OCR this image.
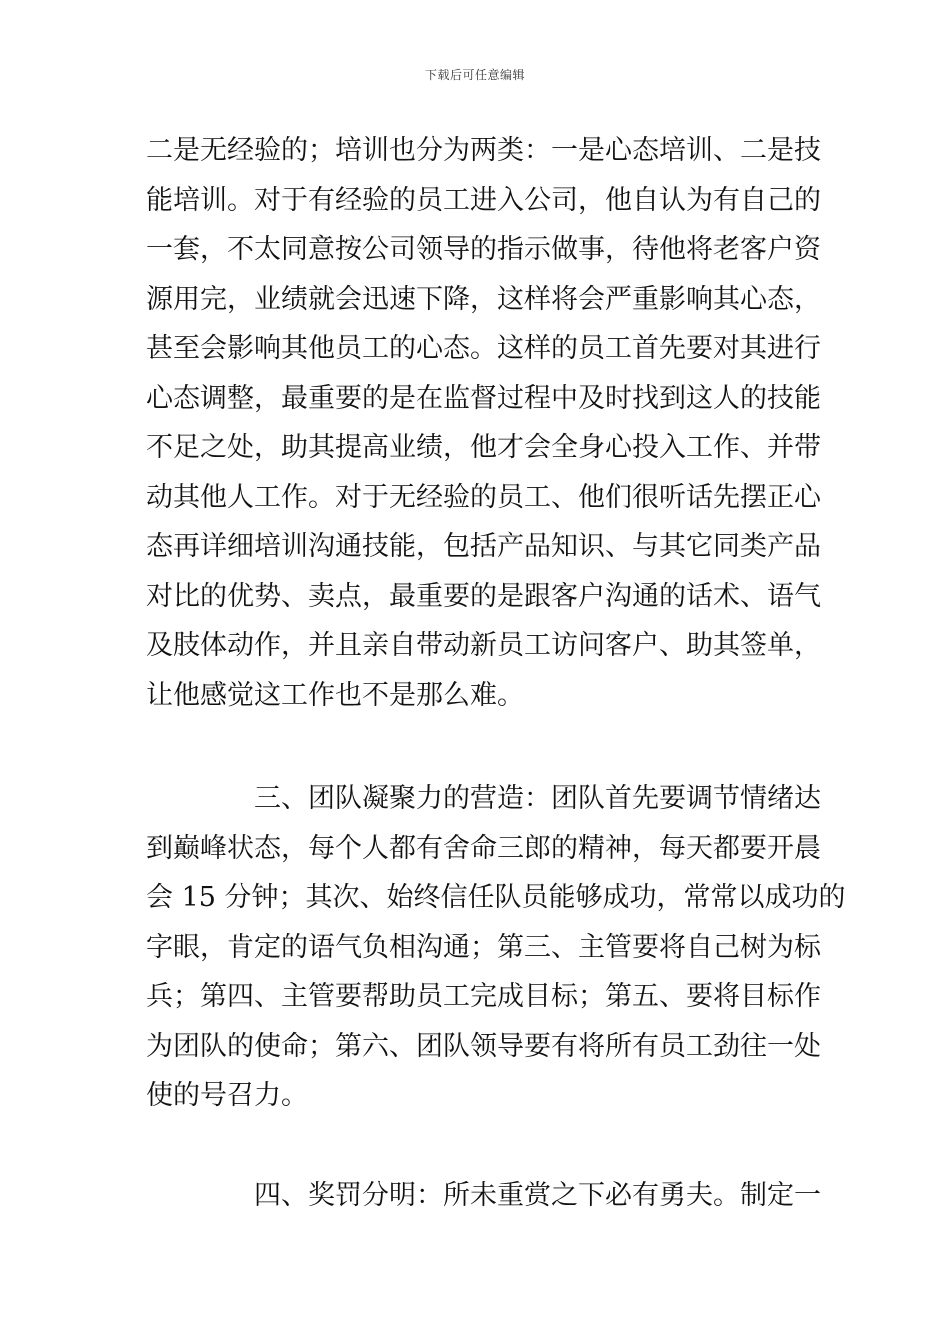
下载后可任意编辑
二是无经验的；培训也分为两类：一是心态培训、二是技
能培训。对于有经验的员工进入公司，他自认为有自己的
一套，不太同意按公司领导的指示做事，待他将老客户资
源用完，业绩就会迅速下降，这样将会严重影响其心态，
甚至会影响其他员工的心态。这样的员工首先要对其进行
心态调整，最重要的是在监督过程中及时找到这人的技能
不足之处，助其提高业绩，他才会全身心投入工作、并带
动其他人工作。对于无经验的员工、他们很听话先摆正心
态再详细培训沟通技能，包括产品知识、与其它同类产品
对比的优势、卖点，最重要的是跟客户沟通的话术、语气
及肢体动作，并且亲自带动新员工访问客户、助其签单，
让他感觉这工作也不是那么难。
三、团队凝聚力的营造：团队首先要调节情绪达
到巅峰状态，每个人都有舍命三郎的精神，每天都要开晨
会 15 分钟；其次、始终信任队员能够成功，常常以成功的
字眼，肯定的语气负相沟通；第三、主管要将自己树为标
兵；第四、主管要帮助员工完成目标；第五、要将目标作
为团队的使命；第六、团队领导要有将所有员工劲往一处
使的号召力。
四、奖罚分明：所未重赏之下必有勇夫。制定一
